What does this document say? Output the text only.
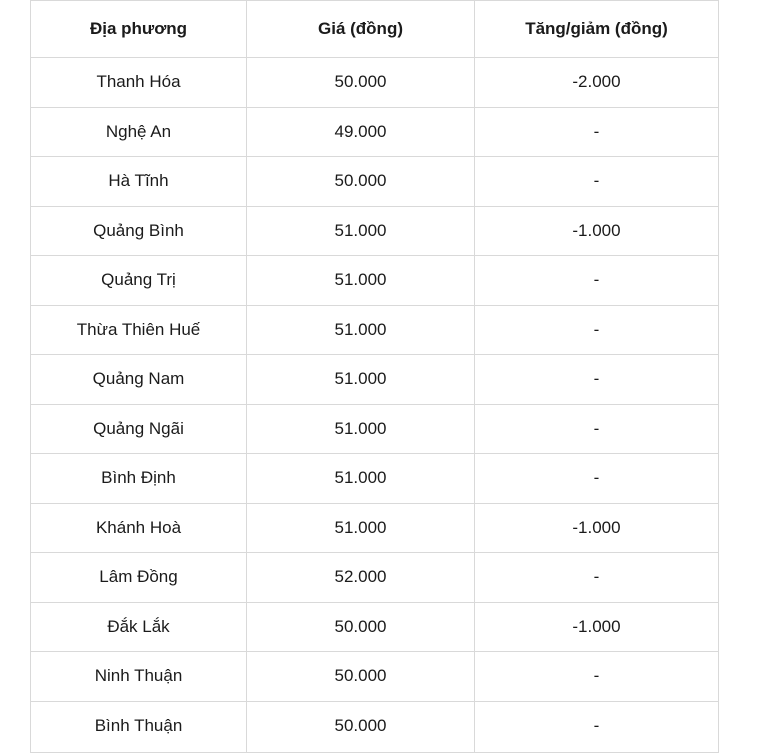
Địa phương	Giá (đồng)	Tăng/giảm (đồng)

Thanh Hóa	50.000	-2.000

Nghệ An	49.000	-

Hà Tĩnh	50.000	-

Quảng Bình	51.000	-1.000

Quảng Trị	51.000	-

Thừa Thiên Huế	51.000	-

Quảng Nam	51.000	-

Quảng Ngãi	51.000	-

Bình Định	51.000	-

Khánh Hoà	51.000	-1.000

Lâm Đồng	52.000	-

Đắk Lắk	50.000	-1.000

Ninh Thuận	50.000	-

Bình Thuận	50.000	-
